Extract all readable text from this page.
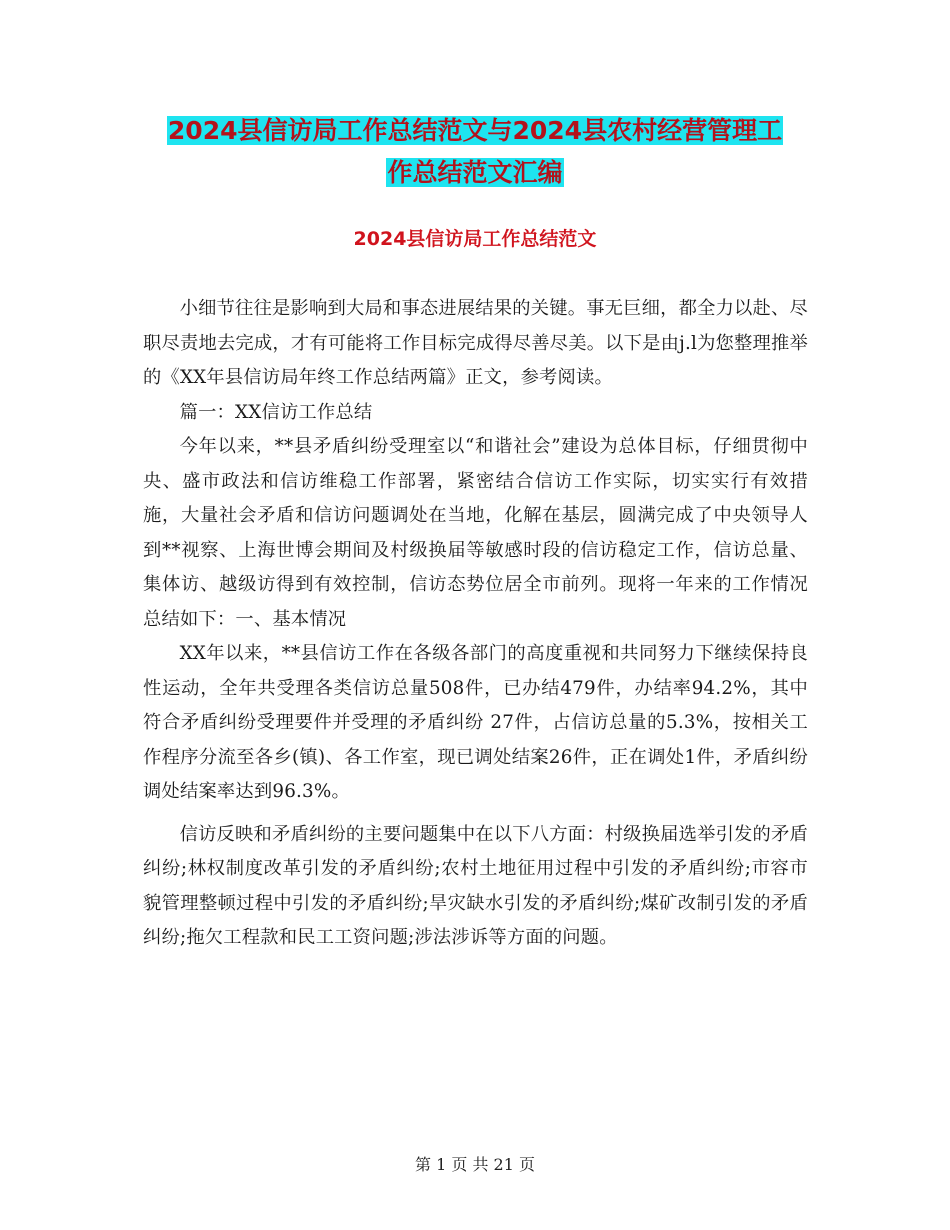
2024县信访局工作总结范文与2024县农村经营管理工
作总结范文汇编
2024县信访局工作总结范文

小细节往往是影响到大局和事态进展结果的关键。事无巨细，都全力以赴、尽职尽责地去完成，才有可能将工作目标完成得尽善尽美。以下是由j.l为您整理推举的《XX年县信访局年终工作总结两篇》正文，参考阅读。

篇一：XX信访工作总结

今年以来，**县矛盾纠纷受理室以“和谐社会”建设为总体目标，仔细贯彻中央、盛市政法和信访维稳工作部署，紧密结合信访工作实际，切实实行有效措施，大量社会矛盾和信访问题调处在当地，化解在基层，圆满完成了中央领导人到**视察、上海世博会期间及村级换届等敏感时段的信访稳定工作，信访总量、集体访、越级访得到有效控制，信访态势位居全市前列。现将一年来的工作情况总结如下：一、基本情况

XX年以来，**县信访工作在各级各部门的高度重视和共同努力下继续保持良性运动，全年共受理各类信访总量508件，已办结479件，办结率94.2%，其中符合矛盾纠纷受理要件并受理的矛盾纠纷 27件，占信访总量的5.3%，按相关工作程序分流至各乡(镇)、各工作室，现已调处结案26件，正在调处1件，矛盾纠纷调处结案率达到96.3%。

信访反映和矛盾纠纷的主要问题集中在以下八方面：村级换届选举引发的矛盾纠纷;林权制度改革引发的矛盾纠纷;农村土地征用过程中引发的矛盾纠纷;市容市貌管理整顿过程中引发的矛盾纠纷;旱灾缺水引发的矛盾纠纷;煤矿改制引发的矛盾纠纷;拖欠工程款和民工工资问题;涉法涉诉等方面的问题。

第 1 页 共 21 页
